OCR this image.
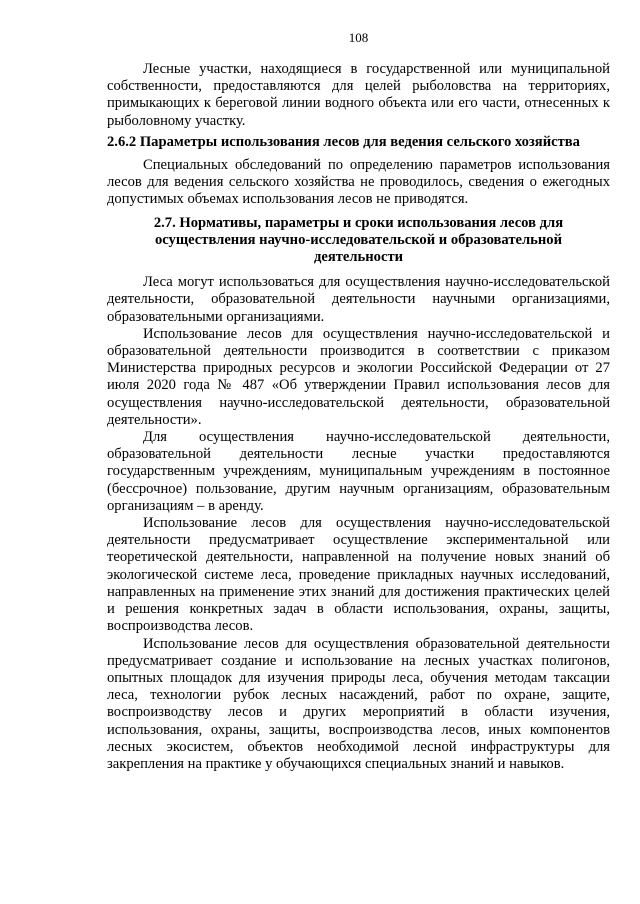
108

Лесные участки, находящиеся в государственной или муниципальной собственности, предоставляются для целей рыболовства на территориях, примыкающих к береговой линии водного объекта или его части, отнесенных к рыболовному участку.

2.6.2 Параметры использования лесов для ведения сельского хозяйства

Специальных обследований по определению параметров использования лесов для ведения сельского хозяйства не проводилось, сведения о ежегодных допустимых объемах использования лесов не приводятся.

2.7. Нормативы, параметры и сроки использования лесов для осуществления научно-исследовательской и образовательной деятельности

Леса могут использоваться для осуществления научно-исследовательской деятельности, образовательной деятельности научными организациями, образовательными организациями.

Использование лесов для осуществления научно-исследовательской и образовательной деятельности производится в соответствии с приказом Министерства природных ресурсов и экологии Российской Федерации от 27 июля 2020 года № 487 «Об утверждении Правил использования лесов для осуществления научно-исследовательской деятельности, образовательной деятельности».

Для осуществления научно-исследовательской деятельности, образовательной деятельности лесные участки предоставляются государственным учреждениям, муниципальным учреждениям в постоянное (бессрочное) пользование, другим научным организациям, образовательным организациям – в аренду.

Использование лесов для осуществления научно-исследовательской деятельности предусматривает осуществление экспериментальной или теоретической деятельности, направленной на получение новых знаний об экологической системе леса, проведение прикладных научных исследований, направленных на применение этих знаний для достижения практических целей и решения конкретных задач в области использования, охраны, защиты, воспроизводства лесов.

Использование лесов для осуществления образовательной деятельности предусматривает создание и использование на лесных участках полигонов, опытных площадок для изучения природы леса, обучения методам таксации леса, технологии рубок лесных насаждений, работ по охране, защите, воспроизводству лесов и других мероприятий в области изучения, использования, охраны, защиты, воспроизводства лесов, иных компонентов лесных экосистем, объектов необходимой лесной инфраструктуры для закрепления на практике у обучающихся специальных знаний и навыков.
